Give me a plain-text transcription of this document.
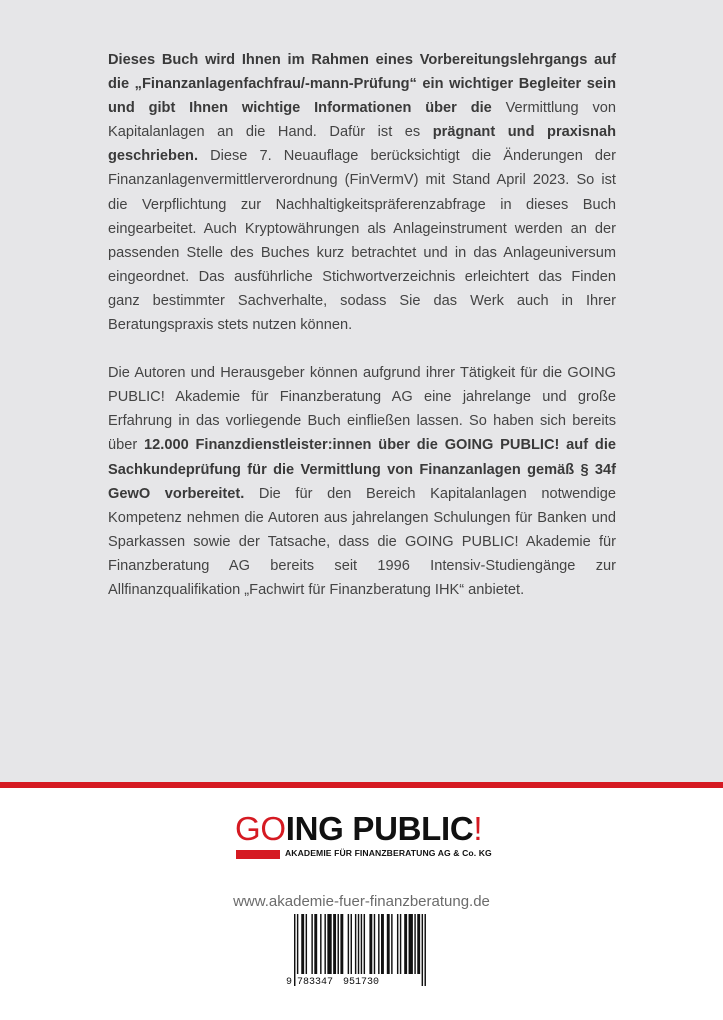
Dieses Buch wird Ihnen im Rahmen eines Vorbereitungslehrgangs auf die „Finanzanlagenfachfrau/-mann-Prüfung“ ein wichtiger Begleiter sein und gibt Ihnen wichtige Informationen über die Vermittlung von Kapitalanlagen an die Hand. Dafür ist es prägnant und praxisnah geschrieben. Diese 7. Neuauflage berücksichtigt die Änderungen der Finanzanlagenvermittlerverordnung (FinVermV) mit Stand April 2023. So ist die Verpflichtung zur Nachhaltigkeitspräferenzabfrage in dieses Buch eingearbeitet. Auch Kryptowährungen als Anlageinstrument werden an der passenden Stelle des Buches kurz betrachtet und in das Anlageuniversum eingeordnet. Das ausführliche Stichwortverzeichnis erleichtert das Finden ganz bestimmter Sachverhalte, sodass Sie das Werk auch in Ihrer Beratungspraxis stets nutzen können.

Die Autoren und Herausgeber können aufgrund ihrer Tätigkeit für die GOING PUBLIC! Akademie für Finanzberatung AG eine jahrelange und große Erfahrung in das vorliegende Buch einfließen lassen. So haben sich bereits über 12.000 Finanzdienstleister:innen über die GOING PUBLIC! auf die Sachkundeprüfung für die Vermittlung von Finanzanlagen gemäß § 34f GewO vorbereitet. Die für den Bereich Kapitalanlagen notwendige Kompetenz nehmen die Autoren aus jahrelangen Schulungen für Banken und Sparkassen sowie der Tatsache, dass die GOING PUBLIC! Akademie für Finanzberatung AG bereits seit 1996 Intensiv-Studiengänge zur Allfinanzqualifikation „Fachwirt für Finanzberatung IHK“ anbietet.

GOING PUBLIC!
AKADEMIE FÜR FINANZBERATUNG AG & Co. KG
www.akademie-fuer-finanzberatung.de
9 783347 951730
